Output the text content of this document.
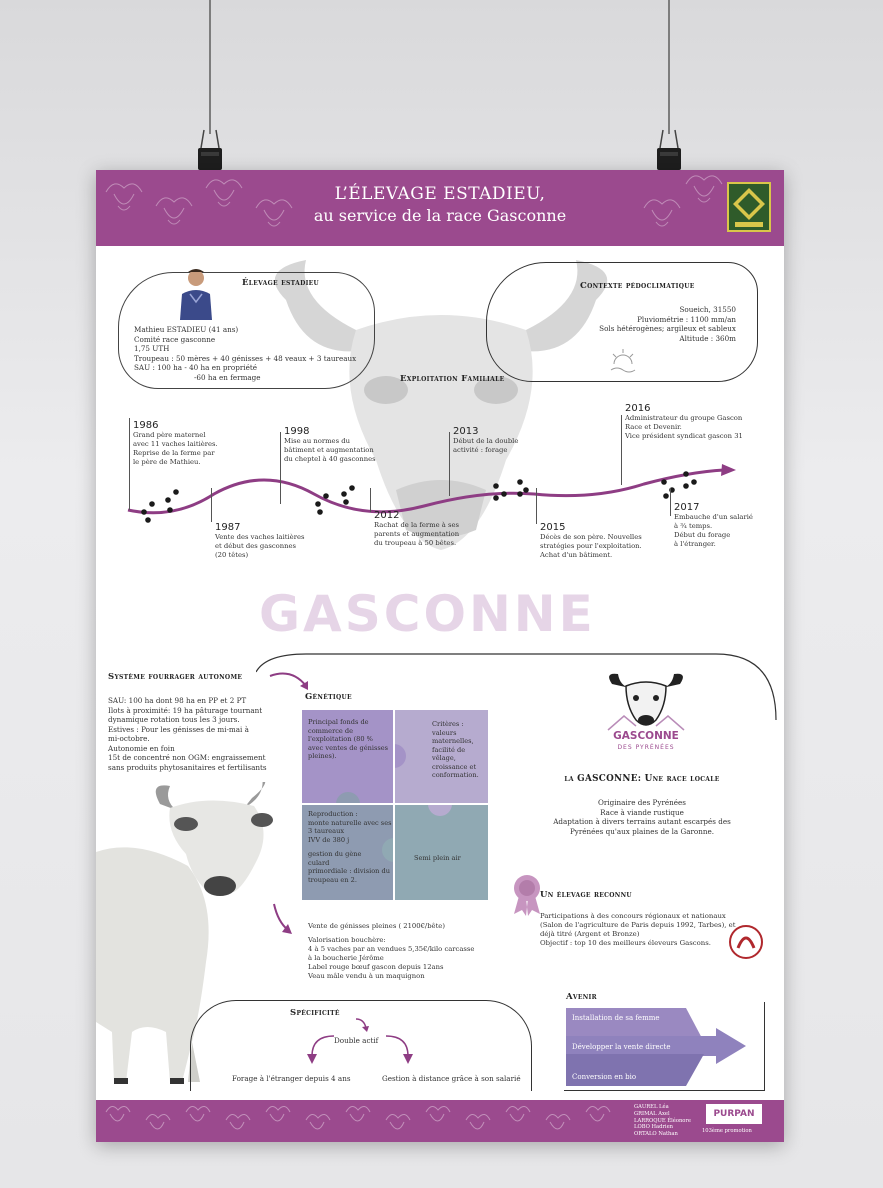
L’ÉLEVAGE ESTADIEU,
au service de la race Gasconne
Élevage estadieu
Mathieu ESTADIEU (41 ans)
Comité race gasconne
1,75 UTH
Troupeau : 50 mères + 40 génisses + 48 veaux + 3 taureaux
SAU : 100 ha - 40 ha en propriété
-60 ha en fermage
Contexte pédoclimatique
Soueich, 31550
Pluviométrie : 1100 mm/an
Sols hétérogènes; argileux et sableux
Altitude : 360m
Exploitation Familiale
1986
Grand père maternel
avec 11 vaches laitières.
Reprise de la ferme par
le père de Mathieu.
1987
Vente des vaches laitières
et début des gasconnes
(20 têtes)
1998
Mise au normes du
bâtiment et augmentation
du cheptel à 40 gasconnes
2012
Rachat de la ferme à ses
parents et augmentation
du troupeau à 50 bêtes.
2013
Début de la double
activité : forage
2015
Décès de son père. Nouvelles
stratégies pour l'exploitation.
Achat d'un bâtiment.
2016
Administrateur du groupe Gascon
Race et Devenir.
Vice président syndicat gascon 31
2017
Embauche d'un salarié
à ¾ temps.
Début du forage
à l'étranger.
GASCONNE
Système fourrager autonome
SAU: 100 ha dont 98 ha en PP et 2 PT
Ilots à proximité: 19 ha pâturage tournant
dynamique rotation tous les 3 jours.
Estives : Pour les génisses de mi-mai à
mi-octobre.
Autonomie en foin
15t de concentré non OGM: engraissement
sans produits phytosanitaires et fertilisants
Génétique
Principal fonds de
commerce de
l'exploitation (80 %
avec ventes de génisses
pleines).
Critères :
valeurs
maternelles,
facilité de
vêlage,
croissance et
conformation.
Reproduction :
monte naturelle avec ses
3 taureaux
IVV de 380 j
gestion du gène
culard
primordiale : division du
troupeau en 2.
Semi plein air
Vente de génisses pleines ( 2100€/bête)
Valorisation bouchère:
4 à 5 vaches par an vendues 5,35€/kilo carcasse
à la boucherie Jérôme
Label rouge bœuf gascon depuis 12ans
Veau mâle vendu à un maquignon
GASCONNE
DES PYRÉNÉES
la GASCONNE: Une race locale
Originaire des Pyrénées
Race à viande rustique
Adaptation à divers terrains autant escarpés des
Pyrénées qu'aux plaines de la Garonne.
Un élevage reconnu
Participations à des concours régionaux et nationaux
(Salon de l'agriculture de Paris depuis 1992, Tarbes), et
déjà titré (Argent et Bronze)
Objectif : top 10 des meilleurs éleveurs Gascons.
Spécificité
Double actif
Forage à l'étranger depuis 4 ans	Gestion à distance grâce à son salarié
Avenir
Installation de sa femme
Développer la vente directe
Conversion en bio
GAUREL Léa
GRIMAL Axel
LARROQUE Éléonore
LOBO Hadrien
ORTALO Nathan
PURPAN
103ème promotion
